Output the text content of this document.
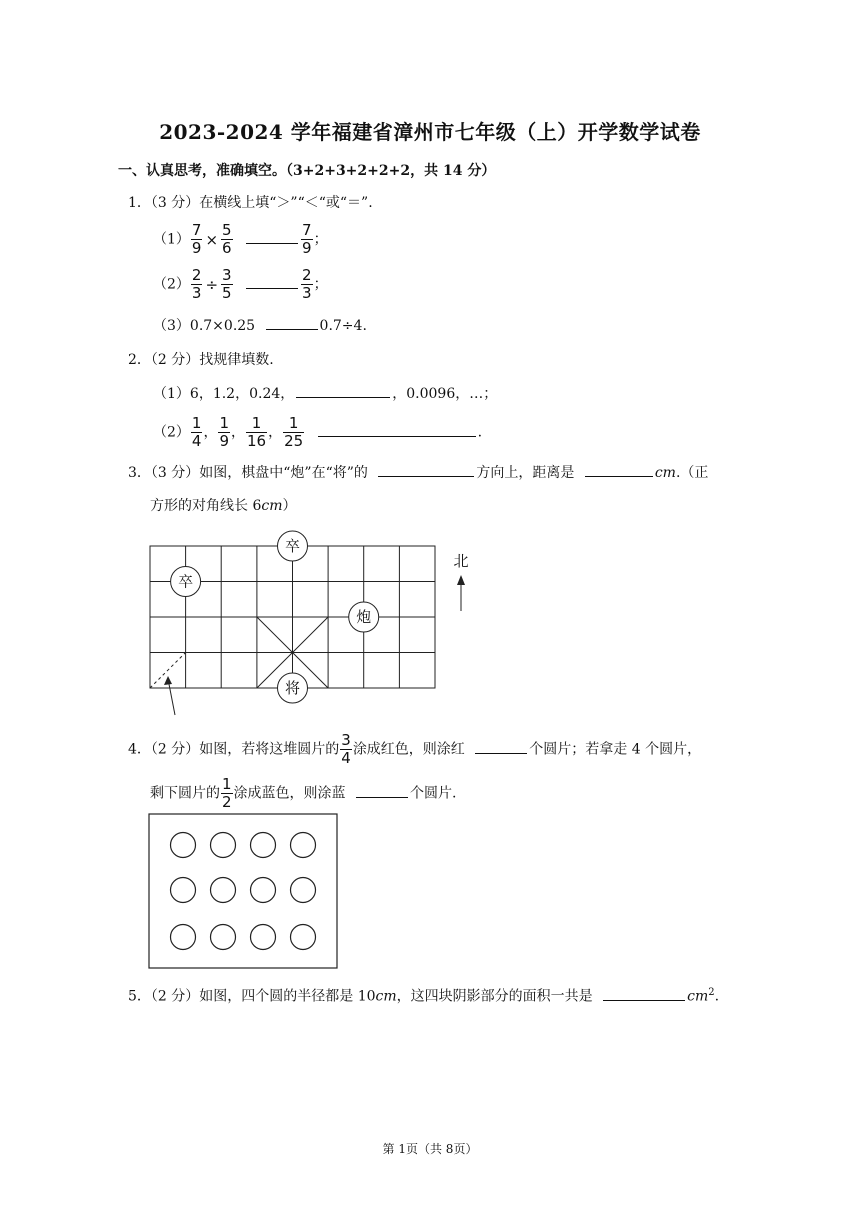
2023-2024 学年福建省漳州市七年级（上）开学数学试卷
一、认真思考，准确填空。（3+2+3+2+2+2，共 14 分）
1．（3 分）在横线上填“＞”“＜“或“＝”.
$(1) \frac{7}{9} \times \frac{5}{6}$
	$\frac{7}{9}$ ；
$(2) \frac{2}{3} \div \frac{3}{5}$
	$\frac{2}{3}$ ；
（3）0.7×0.25	0.7÷4.
2．（2 分）找规律填数.
（1）6，1.2，0.24，	，0.0096，…；
$(2) \frac{1}{4}$ ， $\frac{1}{9}$ ， $\frac{1}{16}$ ， $\frac{1}{25}$	.
3．（3 分）如图，棋盘中“炮”在“将”的	方向上，距离是	cm.（正
方形的对角线长 6cm）
卒
卒
炮
将
北
4．（2 分）如图，若将这堆圆片的 $\frac{3}{4}$ 涂成红色，则涂红	个圆片；若拿走 4 个圆片，
剩下圆片的 $\frac{1}{2}$ 涂成蓝色，则涂蓝	个圆片.
5．（2 分）如图，四个圆的半径都是 10cm，这四块阴影部分的面积一共是	$cm^2$.
第 1页（共 8页）
